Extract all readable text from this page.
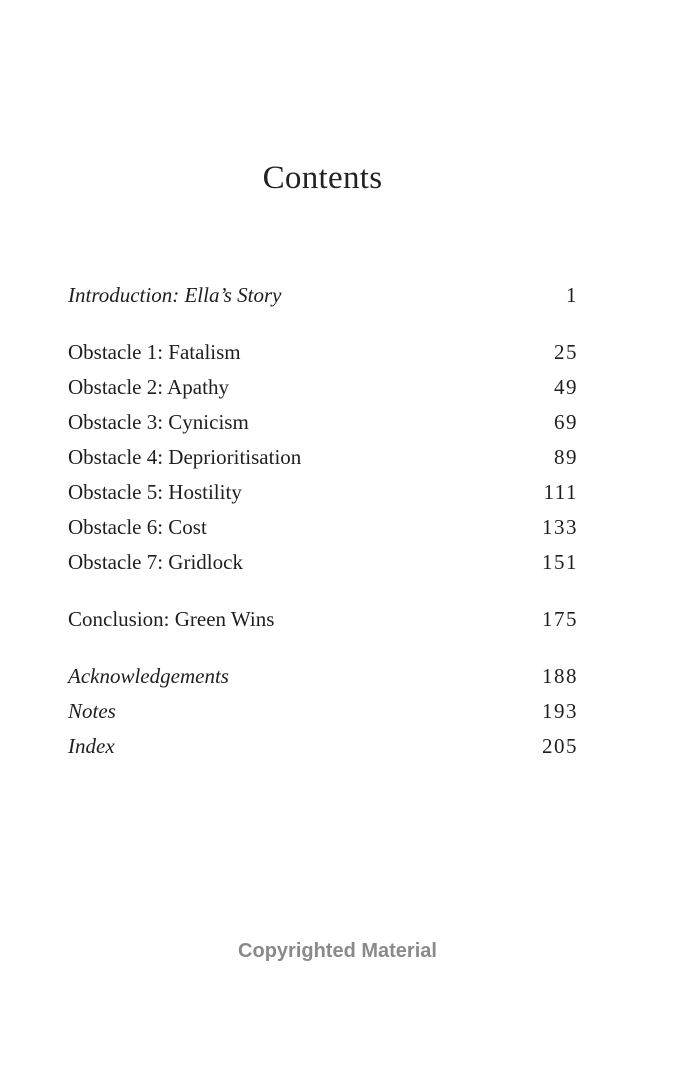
Contents
Introduction: Ella’s Story	1
Obstacle 1: Fatalism	25
Obstacle 2: Apathy	49
Obstacle 3: Cynicism	69
Obstacle 4: Deprioritisation	89
Obstacle 5: Hostility	111
Obstacle 6: Cost	133
Obstacle 7: Gridlock	151
Conclusion: Green Wins	175
Acknowledgements	188
Notes	193
Index	205
Copyrighted Material
